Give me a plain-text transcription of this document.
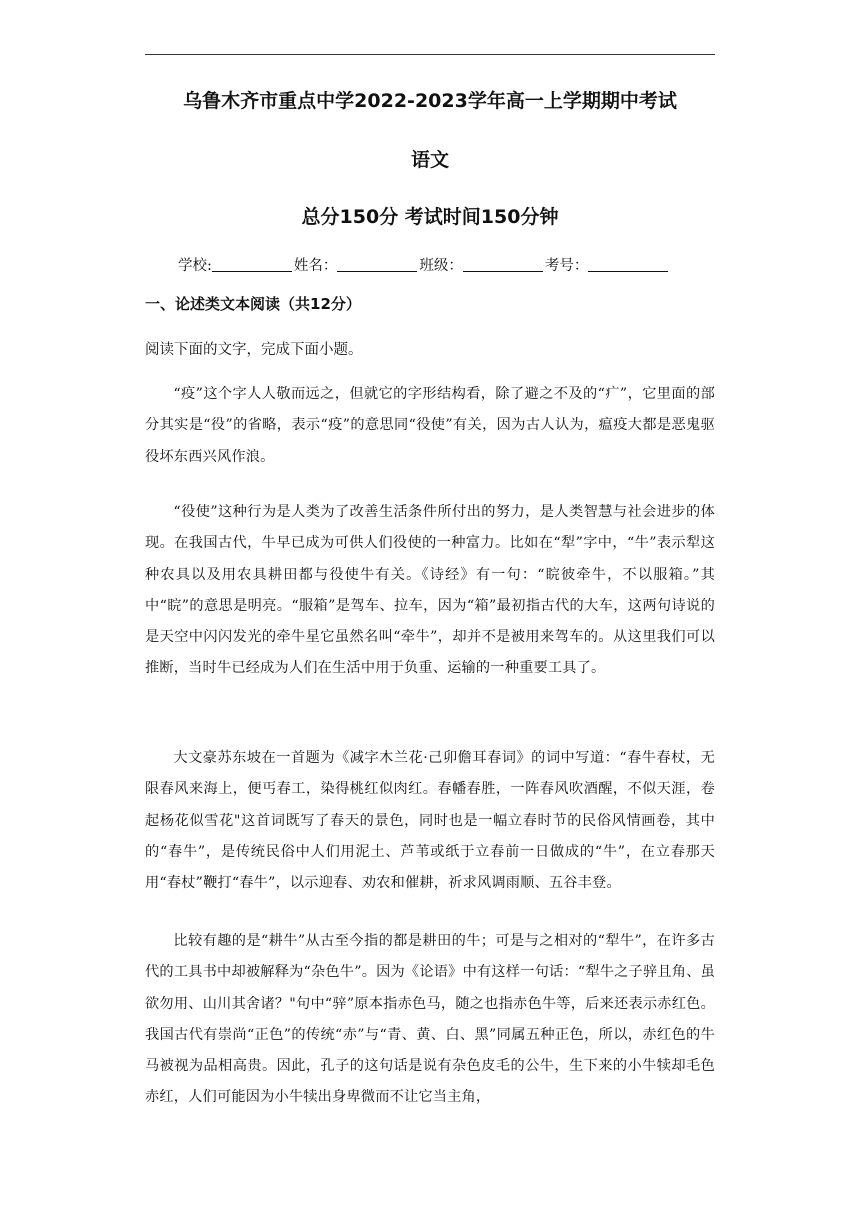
乌鲁木齐市重点中学2022-2023学年高一上学期期中考试
语文
总分150分 考试时间150分钟
学校:	姓名：	班级：	考号：
一、论述类文本阅读（共12分）
阅读下面的文字，完成下面小题。
“疫”这个字人人敬而远之，但就它的字形结构看，除了避之不及的“疒”，它里面的部分其实是“役”的省略，表示“疫”的意思同“役使”有关，因为古人认为，瘟疫大都是恶鬼驱役坏东西兴风作浪。
“役使”这种行为是人类为了改善生活条件所付出的努力，是人类智慧与社会进步的体现。在我国古代，牛早已成为可供人们役使的一种富力。比如在“犁”字中，“牛”表示犁这种农具以及用农具耕田都与役使牛有关。《诗经》有一句：“睆彼牵牛，不以服箱。”其中“睆”的意思是明亮。“服箱”是驾车、拉车，因为“箱”最初指古代的大车，这两句诗说的是天空中闪闪发光的牵牛星它虽然名叫“牵牛”，却并不是被用来驾车的。从这里我们可以推断，当时牛已经成为人们在生活中用于负重、运输的一种重要工具了。
大文豪苏东坡在一首题为《减字木兰花·己卯儋耳春词》的词中写道：“春牛春杖，无限春风来海上，便丐春工，染得桃红似肉红。春幡春胜，一阵春风吹酒醒，不似天涯，卷起杨花似雪花"这首词既写了春天的景色，同时也是一幅立春时节的民俗风情画卷，其中的“春牛”，是传统民俗中人们用泥土、芦苇或纸于立春前一日做成的“牛”，在立春那天用“春杖”鞭打“春牛”，以示迎春、劝农和催耕，祈求风调雨顺、五谷丰登。
比较有趣的是“耕牛”从古至今指的都是耕田的牛；可是与之相对的“犁牛”，在许多古代的工具书中却被解释为“杂色牛”。因为《论语》中有这样一句话：“犁牛之子骍且角、虽欲勿用、山川其舍诸？"句中“骍”原本指赤色马，随之也指赤色牛等，后来还表示赤红色。我国古代有崇尚“正色”的传统“赤”与“青、黄、白、黑”同属五种正色，所以，赤红色的牛马被视为品相高贵。因此，孔子的这句话是说有杂色皮毛的公牛，生下来的小牛犊却毛色赤红，人们可能因为小牛犊出身卑微而不让它当主角，
